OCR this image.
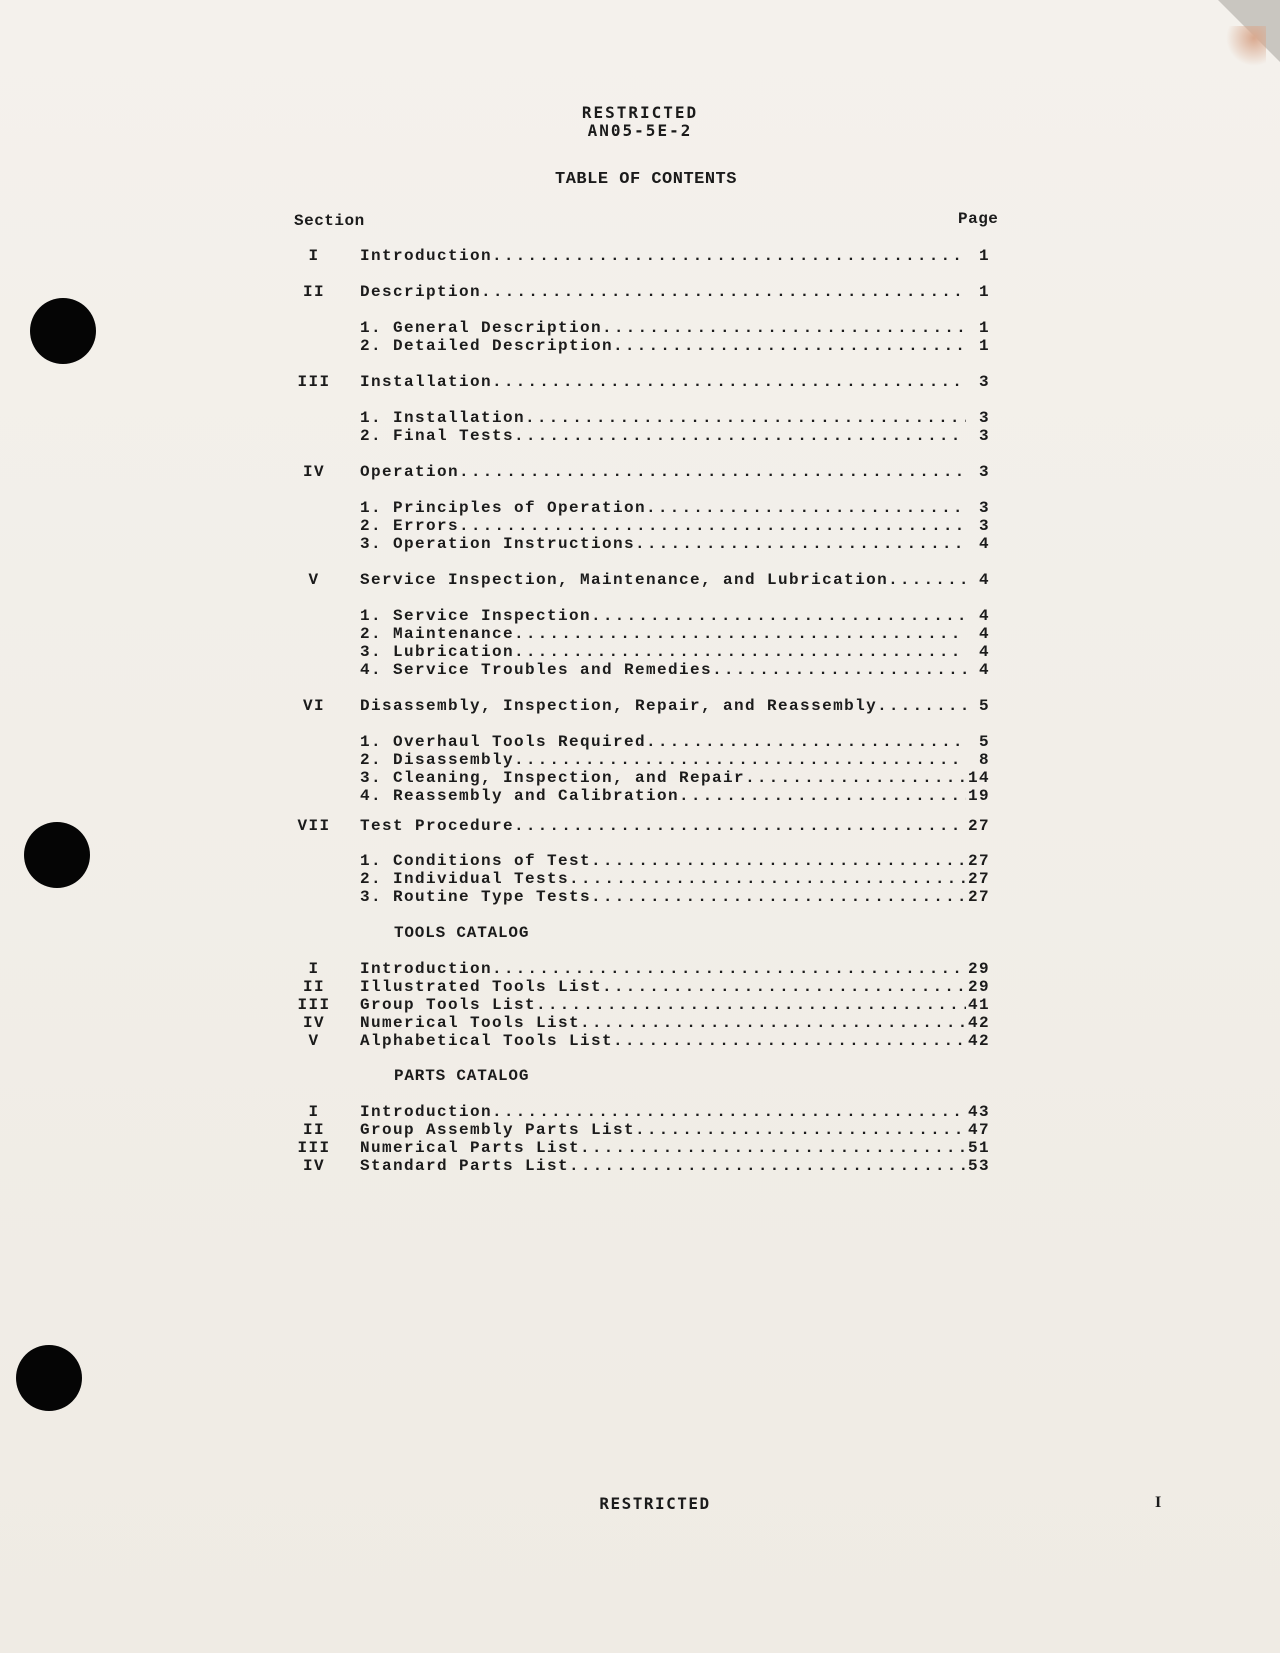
RESTRICTED
AN05-5E-2
TABLE OF CONTENTS
Section	Page
I	Introduction .....	1
II	Description .....	1
1. General Description .....	1
2. Detailed Description .....	1
III	Installation .....	3
1. Installation .....	3
2. Final Tests .....	3
IV	Operation .....	3
1. Principles of Operation .....	3
2. Errors .....	3
3. Operation Instructions .....	4
V	Service Inspection, Maintenance, and Lubrication .....	4
1. Service Inspection .....	4
2. Maintenance .....	4
3. Lubrication .....	4
4. Service Troubles and Remedies .....	4
VI	Disassembly, Inspection, Repair, and Reassembly .....	5
1. Overhaul Tools Required .....	5
2. Disassembly .....	8
3. Cleaning, Inspection, and Repair .....	14
4. Reassembly and Calibration .....	19
VII	Test Procedure .....	27
1. Conditions of Test .....	27
2. Individual Tests .....	27
3. Routine Type Tests .....	27
TOOLS CATALOG
I	Introduction .....	29
II	Illustrated Tools List .....	29
III	Group Tools List .....	41
IV	Numerical Tools List .....	42
V	Alphabetical Tools List .....	42
PARTS CATALOG
I	Introduction .....	43
II	Group Assembly Parts List .....	47
III	Numerical Parts List .....	51
IV	Standard Parts List .....	53
RESTRICTED	I
